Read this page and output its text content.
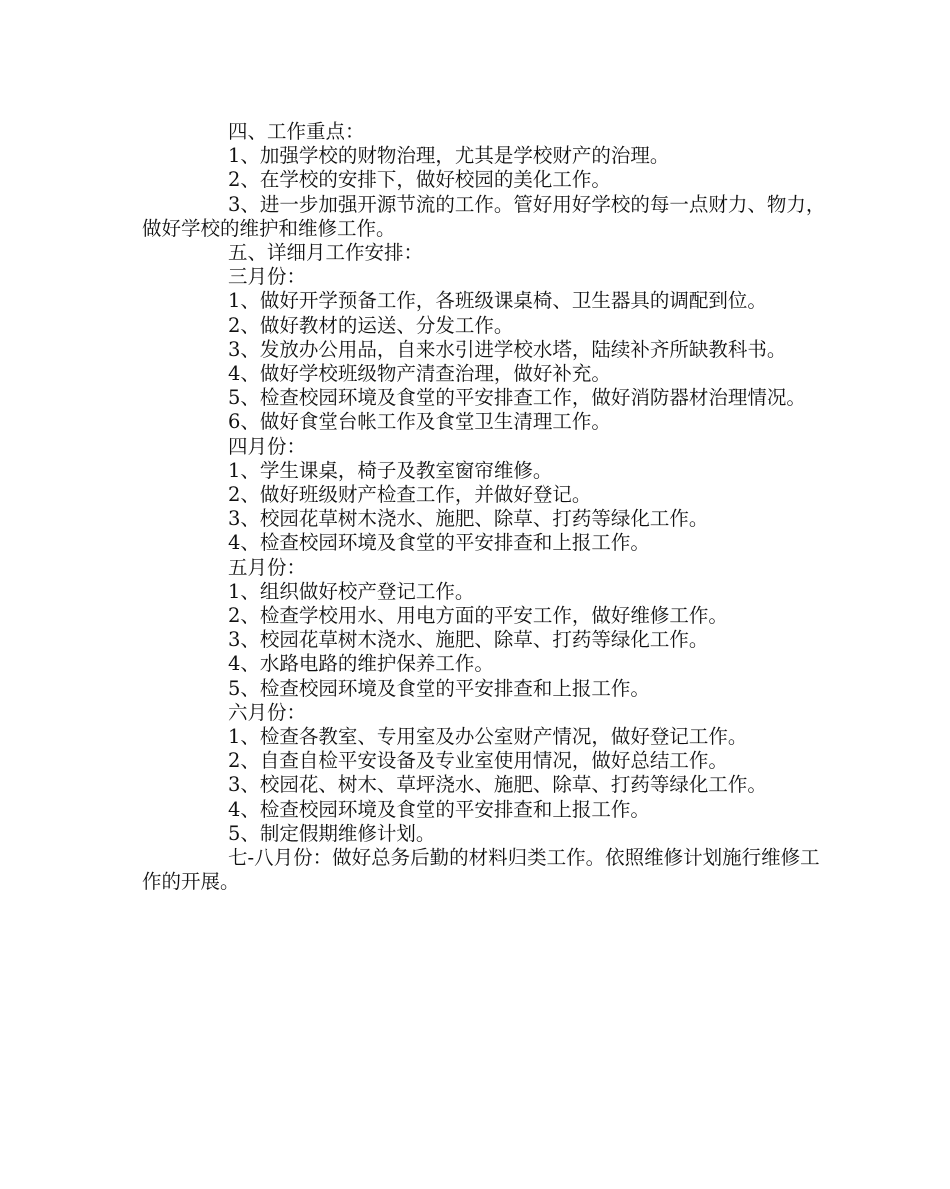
四、工作重点：

1、加强学校的财物治理，尤其是学校财产的治理。

2、在学校的安排下，做好校园的美化工作。

3、进一步加强开源节流的工作。管好用好学校的每一点财力、物力，做好学校的维护和维修工作。

五、详细月工作安排：

三月份：

1、做好开学预备工作，各班级课桌椅、卫生器具的调配到位。

2、做好教材的运送、分发工作。

3、发放办公用品，自来水引进学校水塔，陆续补齐所缺教科书。

4、做好学校班级物产清查治理，做好补充。

5、检查校园环境及食堂的平安排查工作，做好消防器材治理情况。

6、做好食堂台帐工作及食堂卫生清理工作。

四月份：

1、学生课桌，椅子及教室窗帘维修。

2、做好班级财产检查工作，并做好登记。

3、校园花草树木浇水、施肥、除草、打药等绿化工作。

4、检查校园环境及食堂的平安排查和上报工作。

五月份：

1、组织做好校产登记工作。

2、检查学校用水、用电方面的平安工作，做好维修工作。

3、校园花草树木浇水、施肥、除草、打药等绿化工作。

4、水路电路的维护保养工作。

5、检查校园环境及食堂的平安排查和上报工作。

六月份：

1、检查各教室、专用室及办公室财产情况，做好登记工作。

2、自查自检平安设备及专业室使用情况，做好总结工作。

3、校园花、树木、草坪浇水、施肥、除草、打药等绿化工作。

4、检查校园环境及食堂的平安排查和上报工作。

5、制定假期维修计划。

七-八月份：做好总务后勤的材料归类工作。依照维修计划施行维修工作的开展。
